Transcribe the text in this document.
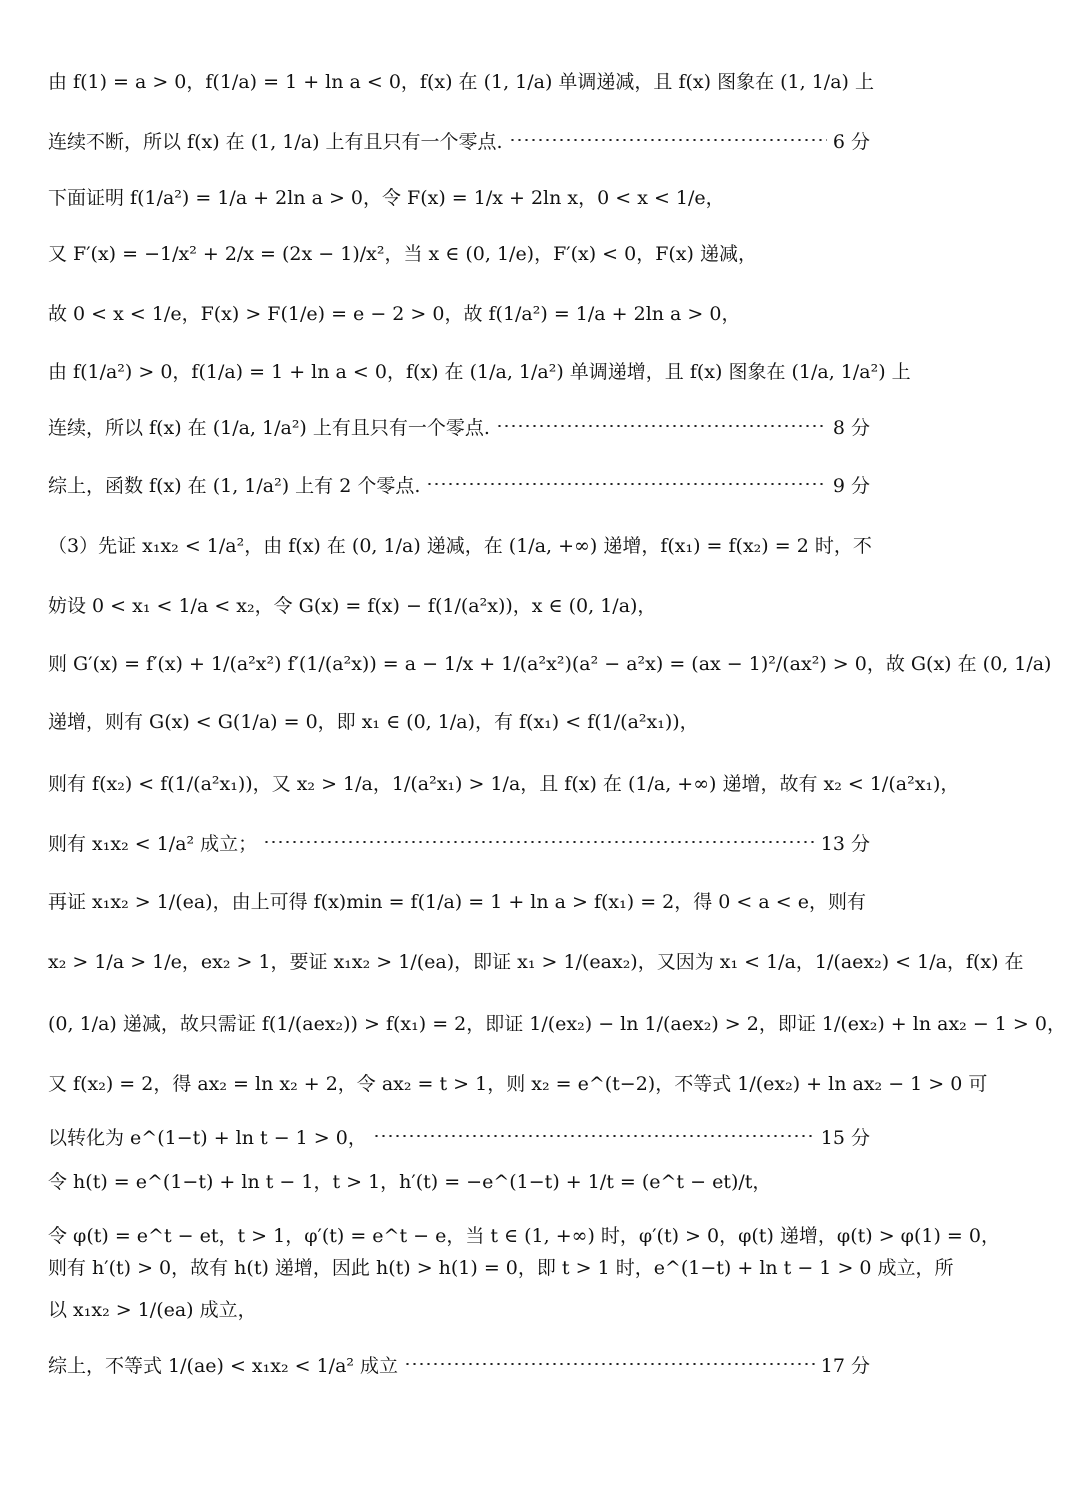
由 f(1) = a > 0，f(1/a) = 1 + ln a < 0，f(x) 在 (1, 1/a) 单调递减，且 f(x) 图象在 (1, 1/a) 上
连续不断，所以 f(x) 在 (1, 1/a) 上有且只有一个零点.	6 分
下面证明 f(1/a²) = 1/a + 2ln a > 0，令 F(x) = 1/x + 2ln x，0 < x < 1/e，
又 F′(x) = −1/x² + 2/x = (2x − 1)/x²，当 x ∈ (0, 1/e)，F′(x) < 0，F(x) 递减，
故 0 < x < 1/e，F(x) > F(1/e) = e − 2 > 0，故 f(1/a²) = 1/a + 2ln a > 0，
由 f(1/a²) > 0，f(1/a) = 1 + ln a < 0，f(x) 在 (1/a, 1/a²) 单调递增，且 f(x) 图象在 (1/a, 1/a²) 上
连续，所以 f(x) 在 (1/a, 1/a²) 上有且只有一个零点.	8 分
综上，函数 f(x) 在 (1, 1/a²) 上有 2 个零点.	9 分
（3）先证 x₁x₂ < 1/a²，由 f(x) 在 (0, 1/a) 递减，在 (1/a, +∞) 递增，f(x₁) = f(x₂) = 2 时，不
妨设 0 < x₁ < 1/a < x₂，令 G(x) = f(x) − f(1/(a²x))，x ∈ (0, 1/a)，
则 G′(x) = f′(x) + 1/(a²x²) f′(1/(a²x)) = a − 1/x + 1/(a²x²)(a² − a²x) = (ax − 1)²/(ax²) > 0，故 G(x) 在 (0, 1/a)
递增，则有 G(x) < G(1/a) = 0，即 x₁ ∈ (0, 1/a)，有 f(x₁) < f(1/(a²x₁))，
则有 f(x₂) < f(1/(a²x₁))，又 x₂ > 1/a，1/(a²x₁) > 1/a，且 f(x) 在 (1/a, +∞) 递增，故有 x₂ < 1/(a²x₁)，
则有 x₁x₂ < 1/a² 成立；	13 分
再证 x₁x₂ > 1/(ea)，由上可得 f(x)min = f(1/a) = 1 + ln a > f(x₁) = 2，得 0 < a < e，则有
x₂ > 1/a > 1/e，ex₂ > 1，要证 x₁x₂ > 1/(ea)，即证 x₁ > 1/(eax₂)，又因为 x₁ < 1/a，1/(aex₂) < 1/a，f(x) 在
(0, 1/a) 递减，故只需证 f(1/(aex₂)) > f(x₁) = 2，即证 1/(ex₂) − ln 1/(aex₂) > 2，即证 1/(ex₂) + ln ax₂ − 1 > 0，
又 f(x₂) = 2，得 ax₂ = ln x₂ + 2，令 ax₂ = t > 1，则 x₂ = e^(t−2)，不等式 1/(ex₂) + ln ax₂ − 1 > 0 可
以转化为 e^(1−t) + ln t − 1 > 0，	15 分
令 h(t) = e^(1−t) + ln t − 1，t > 1，h′(t) = −e^(1−t) + 1/t = (e^t − et)/t，
令 φ(t) = e^t − et，t > 1，φ′(t) = e^t − e，当 t ∈ (1, +∞) 时，φ′(t) > 0，φ(t) 递增，φ(t) > φ(1) = 0，
则有 h′(t) > 0，故有 h(t) 递增，因此 h(t) > h(1) = 0，即 t > 1 时，e^(1−t) + ln t − 1 > 0 成立，所
以 x₁x₂ > 1/(ea) 成立，
综上，不等式 1/(ae) < x₁x₂ < 1/a² 成立	17 分
